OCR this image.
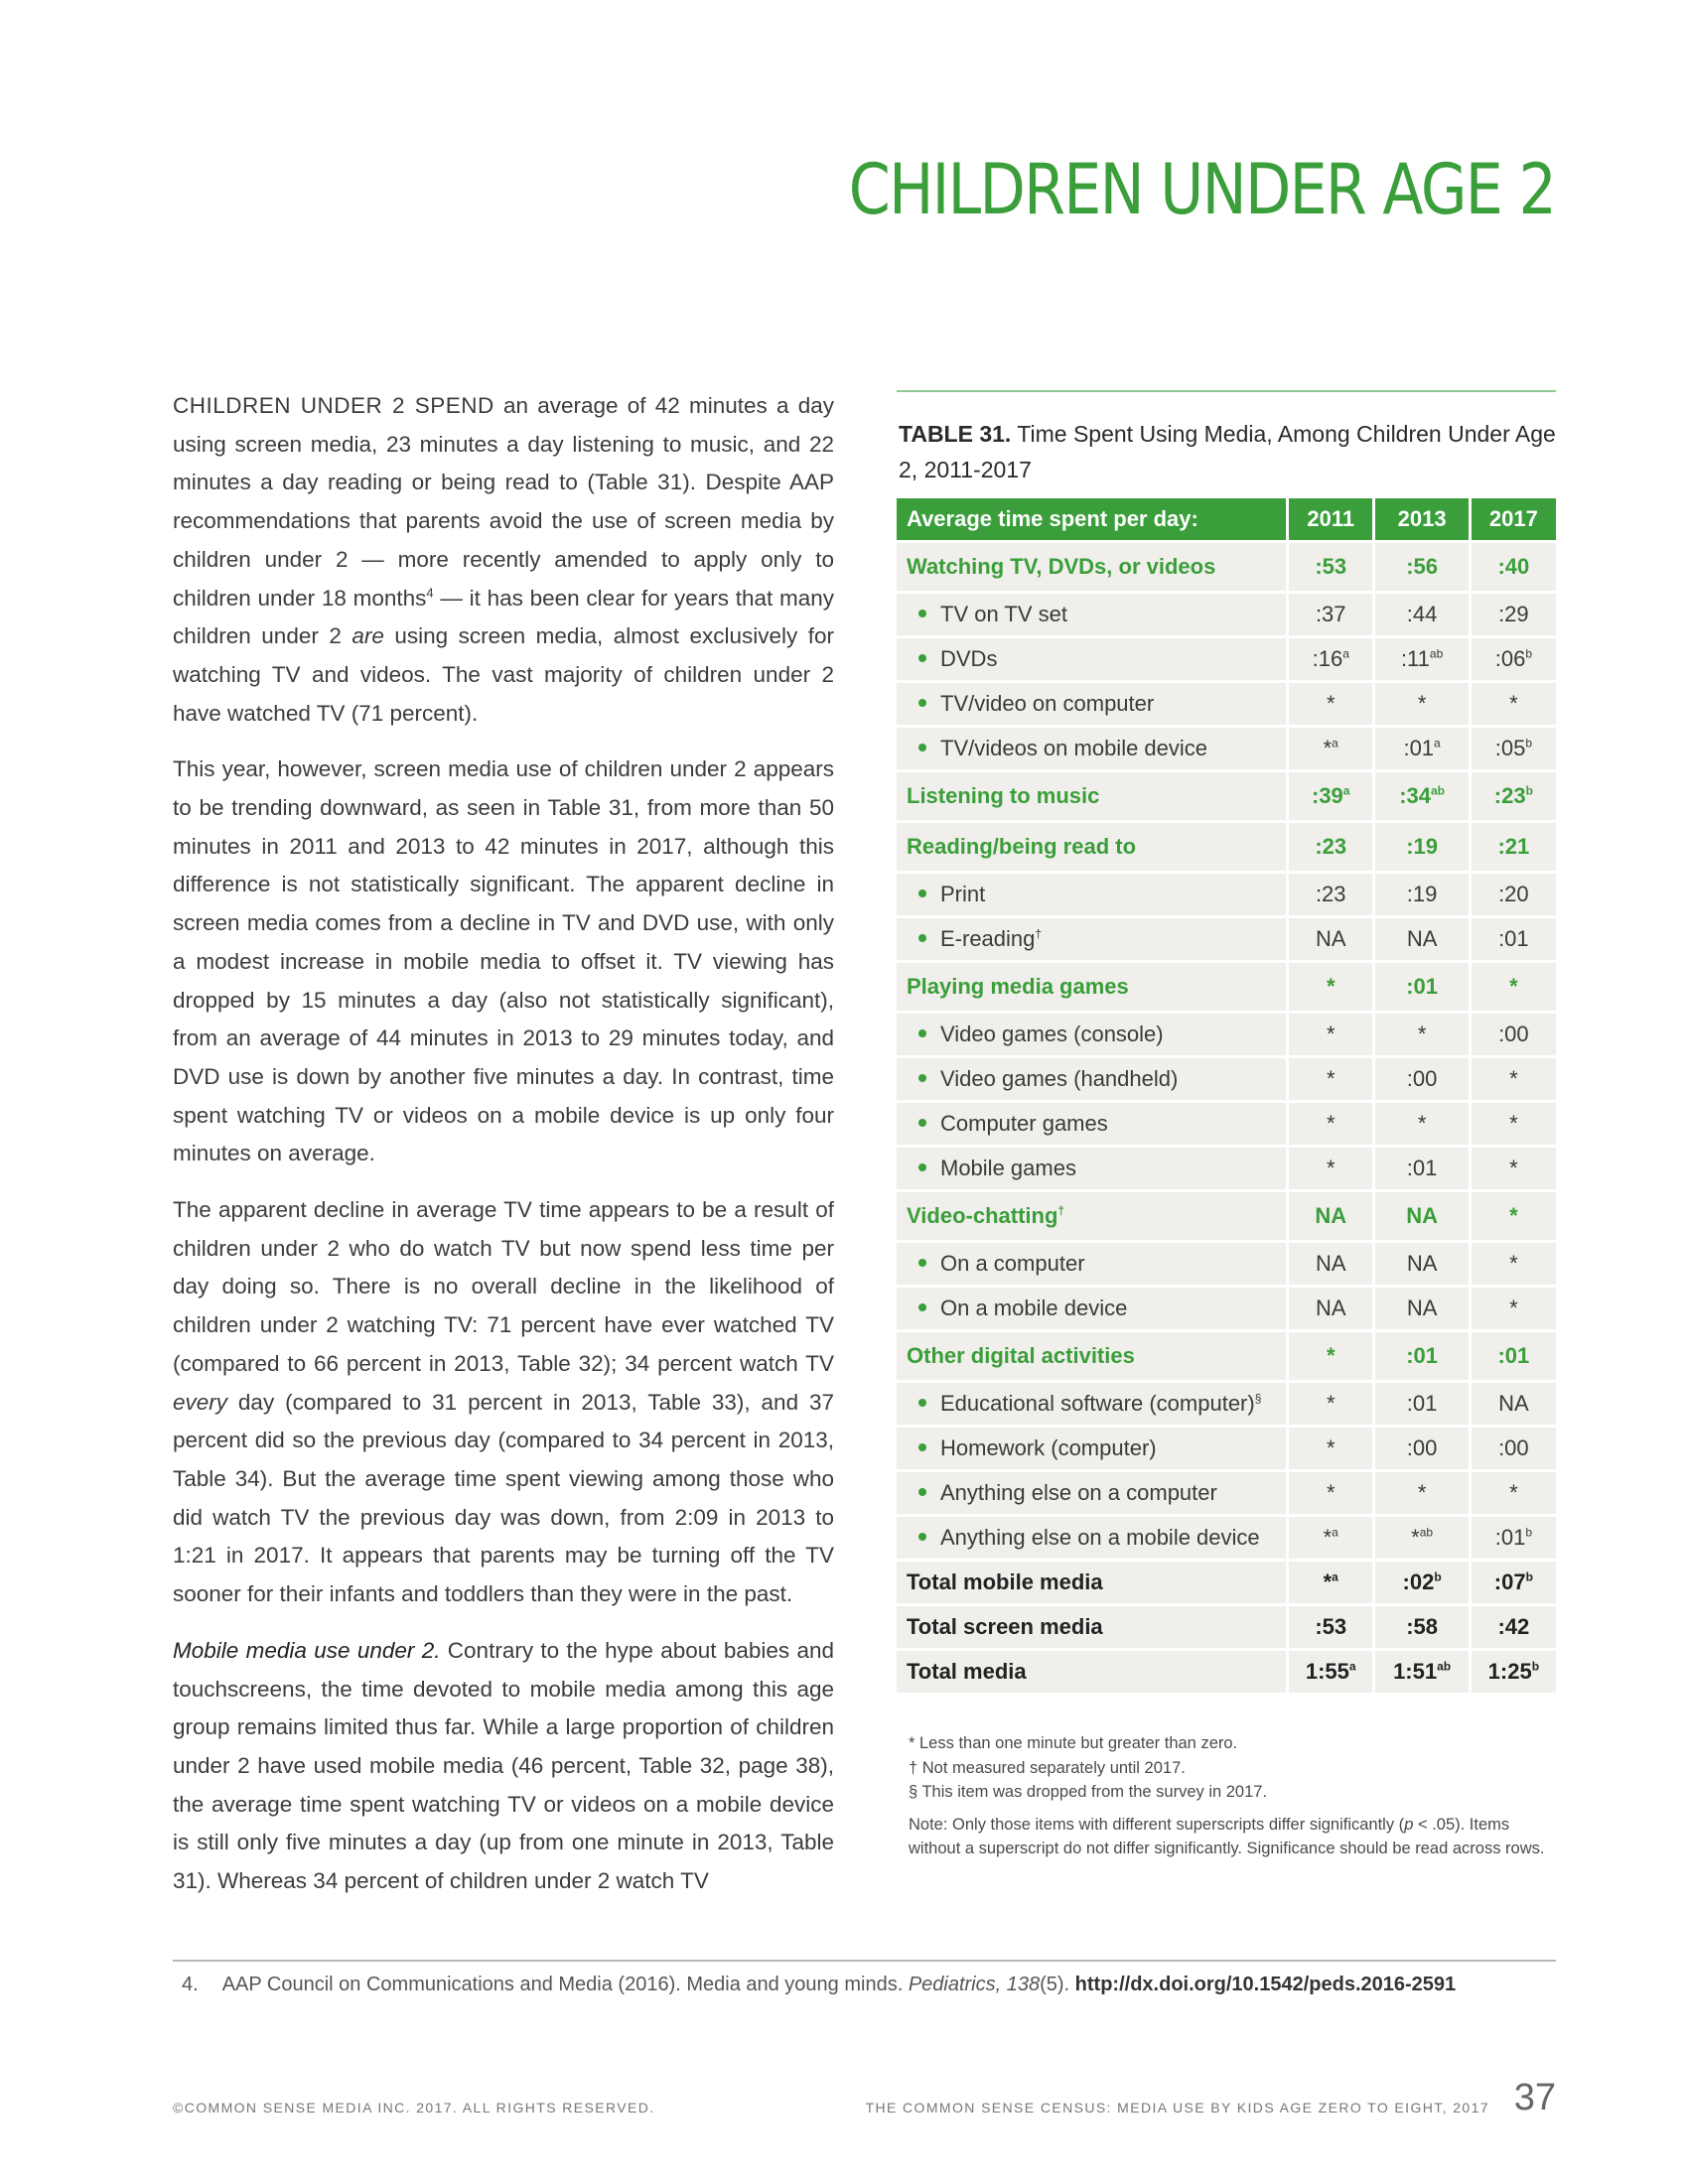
CHILDREN UNDER AGE 2

CHILDREN UNDER 2 SPEND an average of 42 minutes a day using screen media, 23 minutes a day listening to music, and 22 minutes a day reading or being read to (Table 31). Despite AAP recommendations that parents avoid the use of screen media by children under 2 — more recently amended to apply only to children under 18 months$^4$ — it has been clear for years that many children under 2 are using screen media, almost exclusively for watching TV and videos. The vast majority of children under 2 have watched TV (71 percent).

This year, however, screen media use of children under 2 appears to be trending downward, as seen in Table 31, from more than 50 minutes in 2011 and 2013 to 42 minutes in 2017, although this difference is not statistically significant. The apparent decline in screen media comes from a decline in TV and DVD use, with only a modest increase in mobile media to offset it. TV viewing has dropped by 15 minutes a day (also not statistically significant), from an average of 44 minutes in 2013 to 29 minutes today, and DVD use is down by another five minutes a day. In contrast, time spent watching TV or videos on a mobile device is up only four minutes on average.

The apparent decline in average TV time appears to be a result of children under 2 who do watch TV but now spend less time per day doing so. There is no overall decline in the likelihood of children under 2 watching TV: 71 percent have ever watched TV (compared to 66 percent in 2013, Table 32); 34 percent watch TV every day (compared to 31 percent in 2013, Table 33), and 37 percent did so the previous day (compared to 34 percent in 2013, Table 34). But the average time spent viewing among those who did watch TV the previous day was down, from 2:09 in 2013 to 1:21 in 2017. It appears that parents may be turning off the TV sooner for their infants and toddlers than they were in the past.

Mobile media use under 2. Contrary to the hype about babies and touchscreens, the time devoted to mobile media among this age group remains limited thus far. While a large proportion of children under 2 have used mobile media (46 percent, Table 32, page 38), the average time spent watching TV or videos on a mobile device is still only five minutes a day (up from one minute in 2013, Table 31). Whereas 34 percent of children under 2 watch TV

TABLE 31. Time Spent Using Media, Among Children Under Age 2, 2011-2017
Average time spent per day:	2011	2013	2017
Watching TV, DVDs, or videos	:53	:56	:40
TV on TV set	:37	:44	:29
DVDs	:16$^a$	$:11^{ab}$	:06$^b$
TV/video on computer	*	*	*
TV/videos on mobile device	*$^a$	:01$^a$	:05$^b$
Listening to music	:39$^a$	$:34^{ab}$	:23$^b$
Reading/being read to	:23	:19	:21
Print	:23	:19	:20
E-reading†	NA	NA	:01
Playing media games	*	:01	*
Video games (console)	*	*	:00
Video games (handheld)	*	:00	*
Computer games	*	*	*
Mobile games	*	:01	*
Video-chatting†	NA	NA	*
On a computer	NA	NA	*
On a mobile device	NA	NA	*
Other digital activities	*	:01	:01
Educational software (computer)§	*	:01	NA
Homework (computer)	*	:00	:00
Anything else on a computer	*	*	*
Anything else on a mobile device	*$^a$	*$^{ab}$	:01$^b$
Total mobile media	*$^a$	:02$^b$	:07$^b$
Total screen media	:53	:58	:42
Total media	1:55$^a$	$1:51^{ab}$	1:25$^b$
* Less than one minute but greater than zero.
† Not measured separately until 2017.
§ This item was dropped from the survey in 2017.
Note: Only those items with different superscripts differ significantly (p < .05). Items without a superscript do not differ significantly. Significance should be read across rows.
4. AAP Council on Communications and Media (2016). Media and young minds. Pediatrics, 138(5). http://dx.doi.org/10.1542/peds.2016-2591
©COMMON SENSE MEDIA INC. 2017. ALL RIGHTS RESERVED.	THE COMMON SENSE CENSUS: MEDIA USE BY KIDS AGE ZERO TO EIGHT, 2017 37
